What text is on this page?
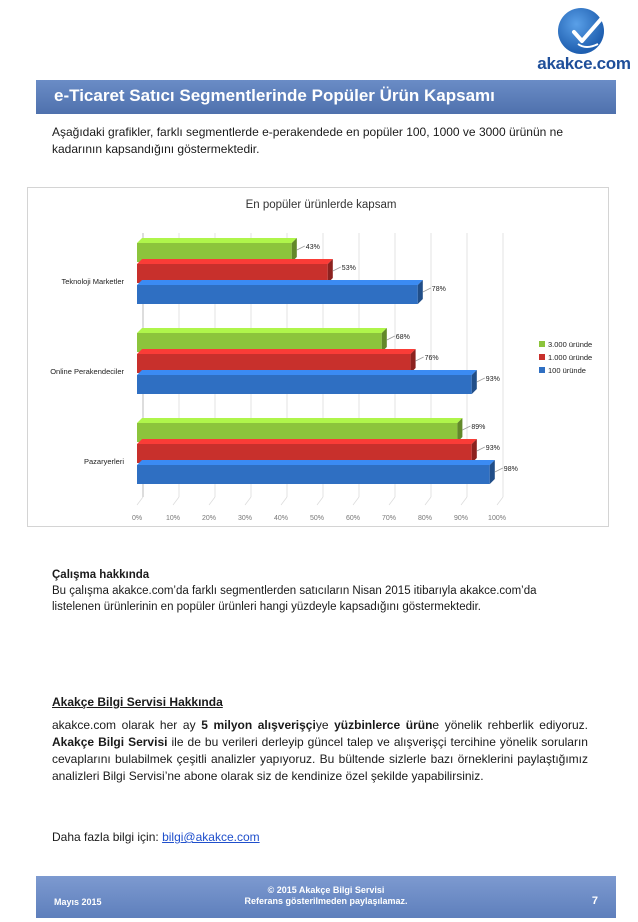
akakce.com
e-Ticaret Satıcı Segmentlerinde Popüler Ürün Kapsamı
Aşağıdaki grafikler, farklı segmentlerde e-perakendede en popüler 100, 1000 ve 3000 ürünün ne kadarının kapsandığını göstermektedir.
En popüler ürünlerde kapsam
0%	10%	20%	30%	40%	50%	60%	70%	80%	90%	100%
Teknoloji Marketler
43%
53%
78%
Online Perakendeciler
68%
76%
93%
Pazaryerleri
89%
93%
98%
3.000 üründe
1.000 üründe
100 üründe
Çalışma hakkında
Bu çalışma akakce.com’da farklı segmentlerden satıcıların Nisan 2015 itibarıyla akakce.com’da listelenen ürünlerinin en popüler ürünleri hangi yüzdeyle kapsadığını göstermektedir.
Akakçe Bilgi Servisi Hakkında
akakce.com olarak her ay 5 milyon alışverişçiye yüzbinlerce ürüne yönelik rehberlik ediyoruz. Akakçe Bilgi Servisi ile de bu verileri derleyip güncel talep ve alışverişçi tercihine yönelik soruların cevaplarını bulabilmek çeşitli analizler yapıyoruz. Bu bültende sizlerle bazı örneklerini paylaştığımız analizleri Bilgi Servisi’ne abone olarak siz de kendinize özel şekilde yapabilirsiniz.
Daha fazla bilgi için: bilgi@akakce.com
Mayıs 2015
© 2015 Akakçe Bilgi Servisi
Referans gösterilmeden paylaşılamaz.	7
